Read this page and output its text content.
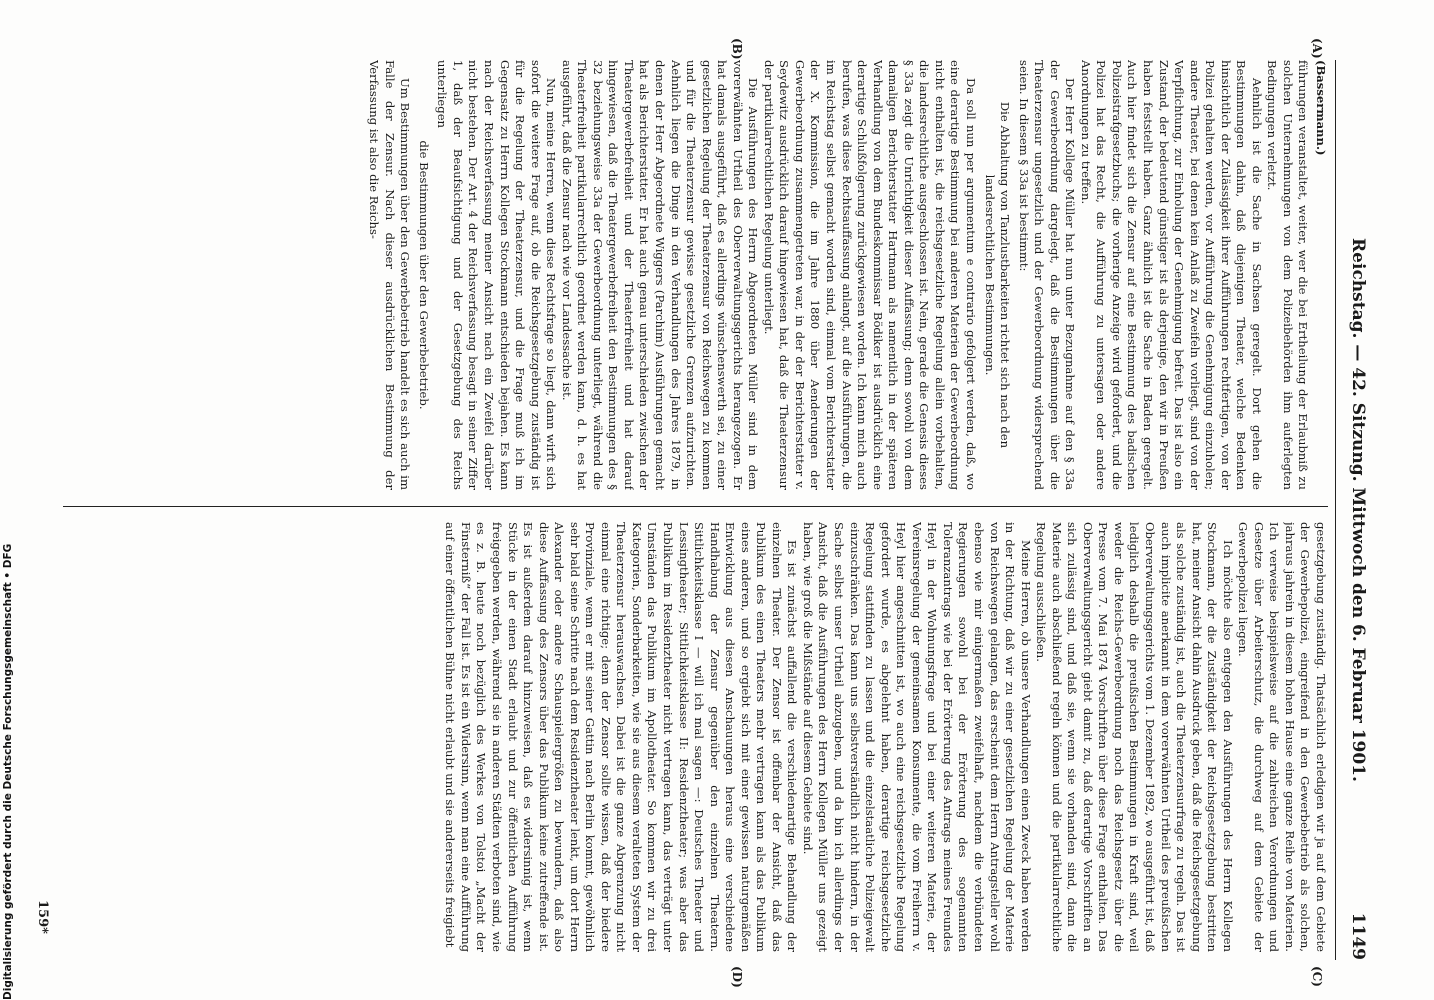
Reichstag. — 42. Sitzung. Mittwoch den 6. Februar 1901.
1149
(A)
(B)
(C)
(D)

(Bassermann.)

führungen veranstaltet, weiter, wer die bei Ertheilung der Erlaubniß zu solchen Unternehmungen von dem Polizeibehörden ihm auferlegten Bedingungen verletzt.

Aehnlich ist die Sache in Sachsen geregelt. Dort gehen die Bestimmungen dahin, daß diejenigen Theater, welche Bedenken hinsichtlich der Zulässigkeit ihrer Aufführungen rechtfertigen, von der Polizei gehalten werden, vor Aufführung die Genehmigung einzuholen; andere Theater, bei denen kein Anlaß zu Zweifeln vorliegt, sind von der Verpflichtung, zur Einholung der Genehmigung befreit. Das ist also ein Zustand, der bedeutend günstiger ist als derjenige, den wir in Preußen haben feststellt haben. Ganz ähnlich ist die Sache in Baden geregelt. Auch hier findet sich die Zensur auf eine Bestimmung des badischen Polizeistrafgesetzbuchs; die vorherige Anzeige wird gefordert, und die Polizei hat das Recht, die Aufführung zu untersagen oder andere Anordnungen zu treffen.

Der Herr Kollege Müller hat nun unter Bezugnahme auf den § 33a der Gewerbeordnung dargelegt, daß die Bestimmungen über die Theaterzensur ungesetzlich und der Gewerbeordnung widersprechend seien. In diesem § 33a ist bestimmt:

Die Abhaltung von Tanzlustbarkeiten richtet sich nach den landesrechtlichen Bestimmungen.

Da soll nun per argumentum e contrario gefolgert werden, daß, wo eine derartige Bestimmung bei anderen Materien der Gewerbeordnung nicht enthalten ist, die reichsgesetzliche Regelung allein vorbehalten, die landesrechtliche ausgeschlossen ist. Nein, gerade die Genesis dieses § 33a zeigt die Unrichtigkeit dieser Auffassung; denn sowohl von dem damaligen Berichterstatter Hartmann als namentlich in der späteren Verhandlung von dem Bundeskommissar Bödiker ist ausdrücklich eine derartige Schlußfolgerung zurückgewiesen worden. Ich kann mich auch berufen, was diese Rechtsauffassung anlangt, auf die Ausführungen, die im Reichstag selbst gemacht worden sind, einmal vom Berichterstatter der X. Kommission, die im Jahre 1880 über Aenderungen der Gewerbeordnung zusammengetreten war, in der der Berichterstatter v. Seydewitz ausdrücklich darauf hingewiesen hat, daß die Theaterzensur der partikularrechtlichen Regelung unterliegt.

Die Ausführungen des Herrn Abgeordneten Müller sind in dem vorerwähnten Urtheil des Oberverwaltungsgerichts herangezogen. Er hat damals ausgeführt, daß es allerdings wünschenswerth sei, zu einer gesetzlichen Regelung der Theaterzensur von Reichswegen zu kommen und für die Theaterzensur gewisse gesetzliche Grenzen aufzurichten. Aehnlich liegen die Dinge in den Verhandlungen des Jahres 1879, in denen der Herr Abgeordnete Wiggers (Parchim) Ausführungen gemacht hat als Berichterstatter. Er hat auch genau unterschieden zwischen der Theatergewerbefreiheit und der Theaterfreiheit und hat darauf hingewiesen, daß die Theatergewerbefreiheit den Bestimmungen des § 32 beziehungsweise 33a der Gewerbeordnung unterliegt, während die Theaterfreiheit partikularrechtlich geordnet werden kann, d. h. es hat ausgeführt, daß die Zensur nach wie vor Landessache ist.

Nun, meine Herren, wenn diese Rechtsfrage so liegt, dann wirft sich sofort die weitere Frage auf, ob die Reichsgesetzgebung zuständig ist für die Regelung der Theaterzensur, und die Frage muß ich im Gegensatz zu Herrn Kollegen Stockmann entschieden bejahen. Es kann nach der Reichsverfassung meiner Ansicht nach ein Zweifel darüber nicht bestehen. Der Art. 4 der Reichsverfassung besagt in seiner Ziffer 1, daß der Beaufsichtigung und der Gesetzgebung des Reichs unterliegen

die Bestimmungen über den Gewerbebetrieb.

Um Bestimmungen über den Gewerbebetrieb handelt es sich auch im Falle der Zensur. Nach dieser ausdrücklichen Bestimmung der Verfassung ist also die Reichs-

gesetzgebung zuständig. Thatsächlich erledigen wir ja auf dem Gebiete der Gewerbepolizei, eingreifend in den Gewerbebetrieb als solchen, jahraus jahrein in diesem hohen Hause eine ganze Reihe von Materien. Ich verweise beispielsweise auf die zahlreichen Verordnungen und Gesetze über Arbeiterschutz, die durchweg auf dem Gebiete der Gewerbepolizei liegen.

Ich möchte also entgegen den Ausführungen des Herrn Kollegen Stockmann, der die Zuständigkeit der Reichsgesetzgebung bestritten hat, meiner Ansicht dahin Ausdruck geben, daß die Reichsgesetzgebung als solche zuständig ist, auch die Theaterzensurfrage zu regeln. Das ist auch implicite anerkannt in dem vorerwähnten Urtheil des preußischen Oberverwaltungsgerichts vom 1. Dezember 1892, wo ausgeführt ist, daß lediglich deshalb die preußischen Bestimmungen in Kraft sind, weil weder die Reichs-Gewerbeordnung noch das Reichsgesetz über die Presse vom 7. Mai 1874 Vorschriften über diese Frage enthalten. Das Oberverwaltungsgericht giebt damit zu, daß derartige Vorschriften an sich zulässig sind, und daß sie, wenn sie vorhanden sind, dann die Materie auch abschließend regeln können und die partikularrechtliche Regelung ausschließen.

Meine Herren, ob unsere Verhandlungen einen Zweck haben werden in der Richtung, daß wir zu einer gesetzlichen Regelung der Materie von Reichswegen gelangen, das erscheint dem Herrn Antragsteller wohl ebenso wie mir einigermaßen zweifelhaft, nachdem die verbündeten Regierungen sowohl bei der Erörterung des sogenannten Toleranzantrags wie bei der Erörterung des Antrags meines Freundes Heyl in der Wohnungsfrage und bei einer weiteren Materie, der Vereinsregelung der gemeinsamen Konsumente, die vom Freiherrn v. Heyl hier angeschnitten ist, wo auch eine reichsgesetzliche Regelung gefordert wurde, es abgelehnt haben, derartige reichsgesetzliche Regelung stattfinden zu lassen und die einzelstaatliche Polizeigewalt einzuschränken. Das kann uns selbstverständlich nicht hindern, in der Sache selbst unser Urtheil abzugeben, und da bin ich allerdings der Ansicht, daß die Ausführungen des Herrn Kollegen Müller uns gezeigt haben, wie groß die Mißstände auf diesem Gebiete sind.

Es ist zunächst auffallend die verschiedenartige Behandlung der einzelnen Theater. Der Zensor ist offenbar der Ansicht, daß das Publikum des einen Theaters mehr vertragen kann als das Publikum eines anderen, und so ergiebt sich mit einer gewissen naturgemäßen Entwicklung aus diesen Anschauungen heraus eine verschiedene Handhabung der Zensur gegenüber den einzelnen Theatern. Sittlichkeitsklasse I — will ich mal sagen —: Deutsches Theater und Lessingtheater; Sittlichkeitsklasse II: Residenztheater; was aber das Publikum im Residenztheater nicht vertragen kann, das verträgt unter Umständen das Publikum im Apollotheater. So kommen wir zu drei Kategorien, Sonderbarkeiten, wie sie aus diesem veralteten System der Theaterzensur herauswachsen. Dabei ist die ganze Abgrenzung nicht einmal eine richtige; denn der Zensor sollte wissen, daß der biedere Provinziale, wenn er mit seiner Gattin nach Berlin kommt, gewöhnlich sehr bald seine Schritte nach dem Residenztheater lenkt, um dort Herrn Alexander oder andere Schauspielergrößen zu bewundern, daß also diese Auffassung des Zensors über das Publikum keine zutreffende ist. Es ist außerdem darauf hinzuweisen, daß es widersinnig ist, wenn Stücke in der einen Stadt erlaubt und zur öffentlichen Aufführung freigegeben werden, während sie in anderen Städten verboten sind, wie es z. B. heute noch bezüglich des Werkes von Tolstoi „Macht der Finsterniß“ der Fall ist. Es ist ein Widersinn, wenn man eine Aufführung auf einer öffentlichen Bühne nicht erlaubt und sie andererseits freigiebt

159*
Digitalisierung gefördert durch die Deutsche Forschungsgemeinschaft • DFG
